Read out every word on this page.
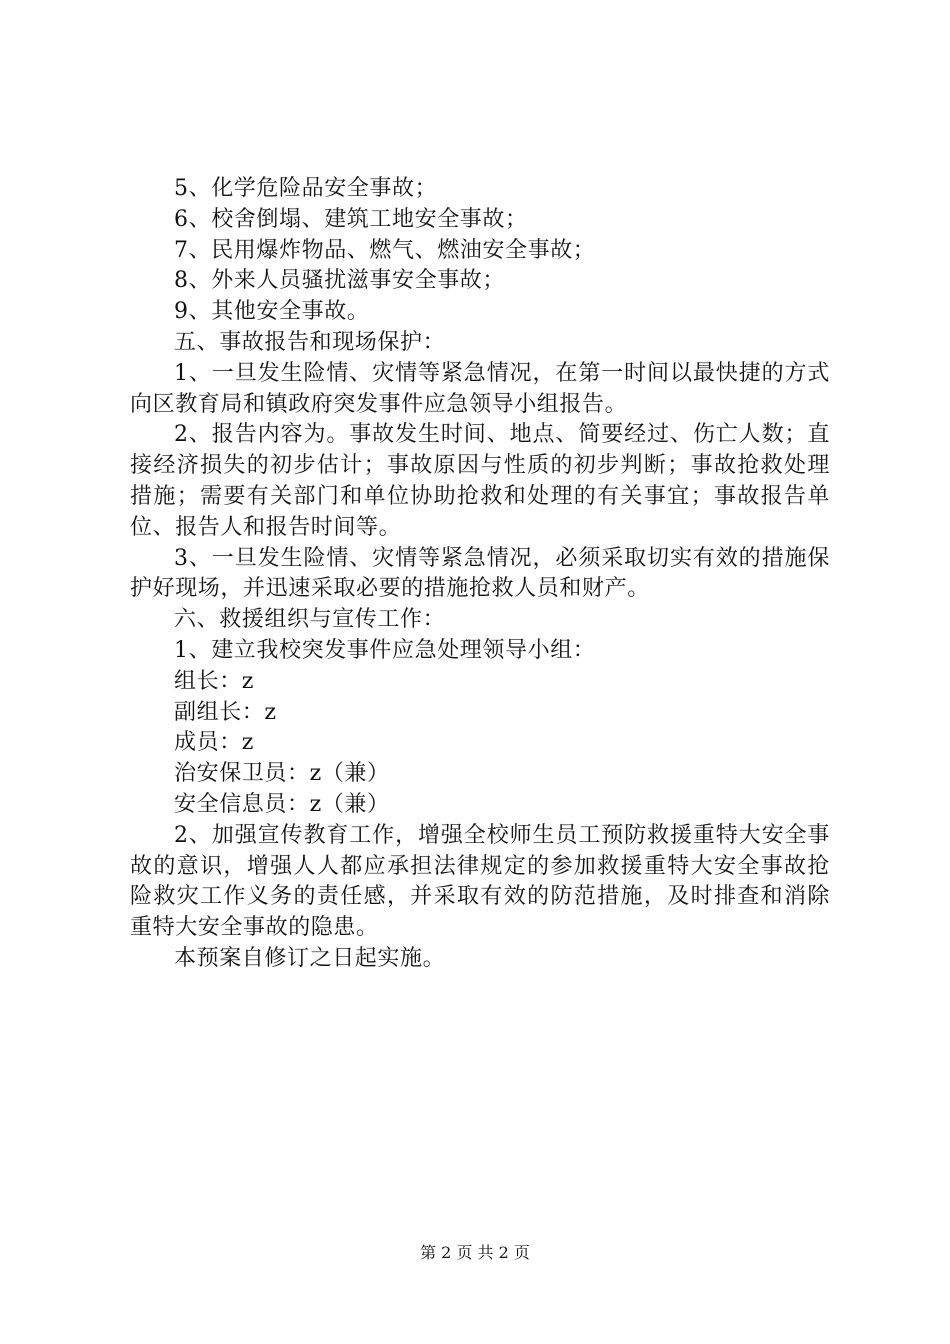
5、化学危险品安全事故；

6、校舍倒塌、建筑工地安全事故；

7、民用爆炸物品、燃气、燃油安全事故；

8、外来人员骚扰滋事安全事故；

9、其他安全事故。

五、事故报告和现场保护：

1、一旦发生险情、灾情等紧急情况，在第一时间以最快捷的方式向区教育局和镇政府突发事件应急领导小组报告。

2、报告内容为。事故发生时间、地点、简要经过、伤亡人数；直接经济损失的初步估计；事故原因与性质的初步判断；事故抢救处理措施；需要有关部门和单位协助抢救和处理的有关事宜；事故报告单位、报告人和报告时间等。

3、一旦发生险情、灾情等紧急情况，必须采取切实有效的措施保护好现场，并迅速采取必要的措施抢救人员和财产。

六、救援组织与宣传工作：

1、建立我校突发事件应急处理领导小组：

组长：z

副组长：z

成员：z

治安保卫员：z（兼）

安全信息员：z（兼）

2、加强宣传教育工作，增强全校师生员工预防救援重特大安全事故的意识，增强人人都应承担法律规定的参加救援重特大安全事故抢险救灾工作义务的责任感，并采取有效的防范措施，及时排查和消除重特大安全事故的隐患。

本预案自修订之日起实施。

第 2 页 共 2 页
